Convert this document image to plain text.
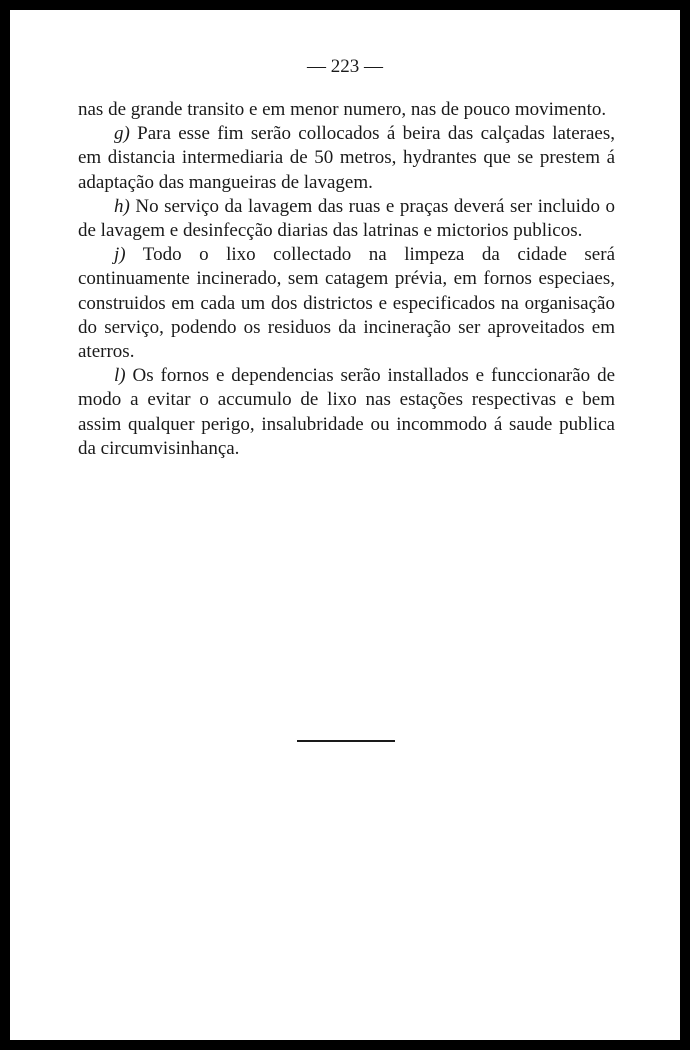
— 223 —

nas de grande transito e em menor numero, nas de pouco movimento.

g) Para esse fim serão collocados á beira das calçadas lateraes, em distancia intermediaria de 50 metros, hydrantes que se prestem á adaptação das mangueiras de lavagem.

h) No serviço da lavagem das ruas e praças deverá ser incluido o de lavagem e desinfecção diarias das latrinas e mictorios publicos.

j) Todo o lixo collectado na limpeza da cidade será continuamente incinerado, sem catagem prévia, em fornos especiaes, construidos em cada um dos districtos e especificados na organisação do serviço, podendo os residuos da incineração ser aproveitados em aterros.

l) Os fornos e dependencias serão installados e funccionarão de modo a evitar o accumulo de lixo nas estações respectivas e bem assim qualquer perigo, insalubridade ou incommodo á saude publica da circumvisinhança.
